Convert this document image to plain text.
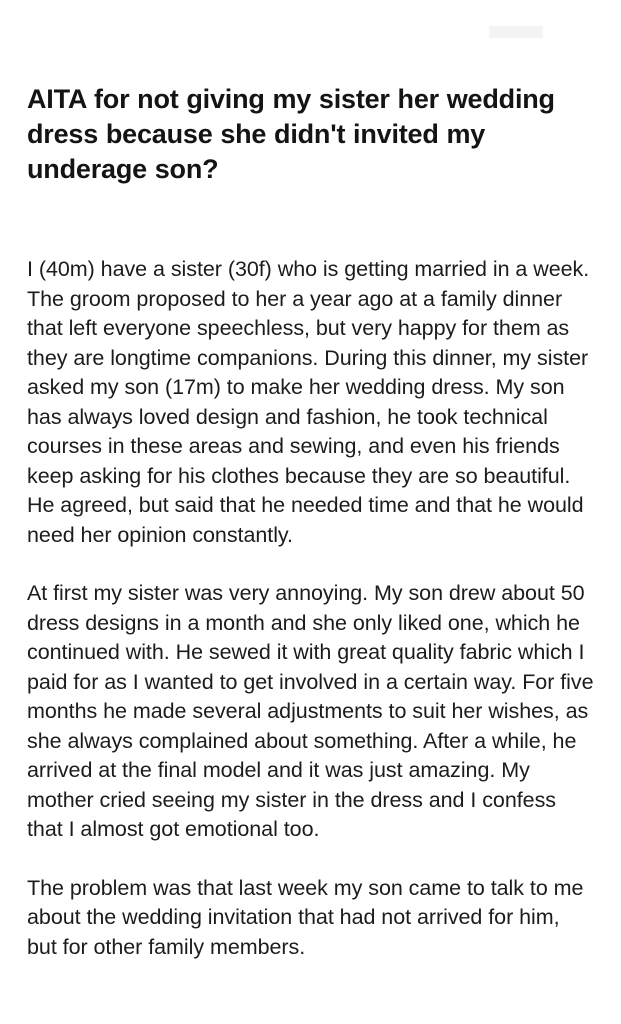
AITA for not giving my sister her wedding dress because she didn't invited my underage son?

I (40m) have a sister (30f) who is getting married in a week. The groom proposed to her a year ago at a family dinner that left everyone speechless, but very happy for them as they are longtime companions. During this dinner, my sister asked my son (17m) to make her wedding dress. My son has always loved design and fashion, he took technical courses in these areas and sewing, and even his friends keep asking for his clothes because they are so beautiful. He agreed, but said that he needed time and that he would need her opinion constantly.

At first my sister was very annoying. My son drew about 50 dress designs in a month and she only liked one, which he continued with. He sewed it with great quality fabric which I paid for as I wanted to get involved in a certain way. For five months he made several adjustments to suit her wishes, as she always complained about something. After a while, he arrived at the final model and it was just amazing. My mother cried seeing my sister in the dress and I confess that I almost got emotional too.

The problem was that last week my son came to talk to me about the wedding invitation that had not arrived for him, but for other family members.
